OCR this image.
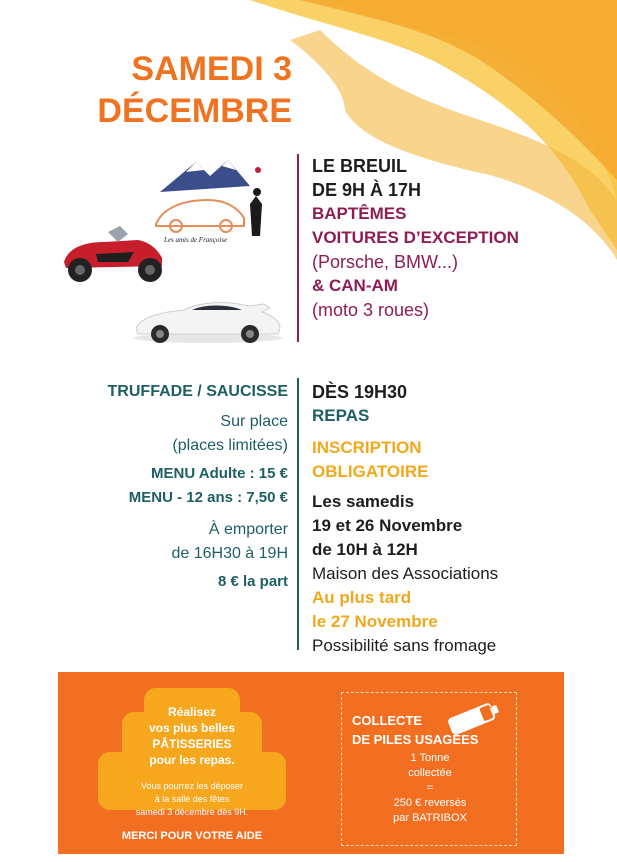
SAMEDI 3
DÉCEMBRE
Les amis de Françoise
LE BREUIL
DE 9H À 17H
BAPTÊMES
VOITURES D’EXCEPTION
(Porsche, BMW...)
& CAN-AM
(moto 3 roues)
TRUFFADE / SAUCISSE
Sur place
(places limitées)
MENU Adulte : 15 €
MENU - 12 ans : 7,50 €
À emporter
de 16H30 à 19H
8 € la part
DÈS 19H30
REPAS
INSCRIPTION
OBLIGATOIRE
Les samedis
19 et 26 Novembre
de 10H à 12H
Maison des Associations
Au plus tard
le 27 Novembre
Possibilité sans fromage
Réalisez
vos plus belles
PÂTISSERIES
pour les repas.
Vous pourrez les déposer
à la salle des fêtes
samedi 3 décembre dès 9H.
MERCI POUR VOTRE AIDE
+
COLLECTE
DE PILES USAGÉES
1 Tonne
collectée
=
250 € reversés
par BATRIBOX
